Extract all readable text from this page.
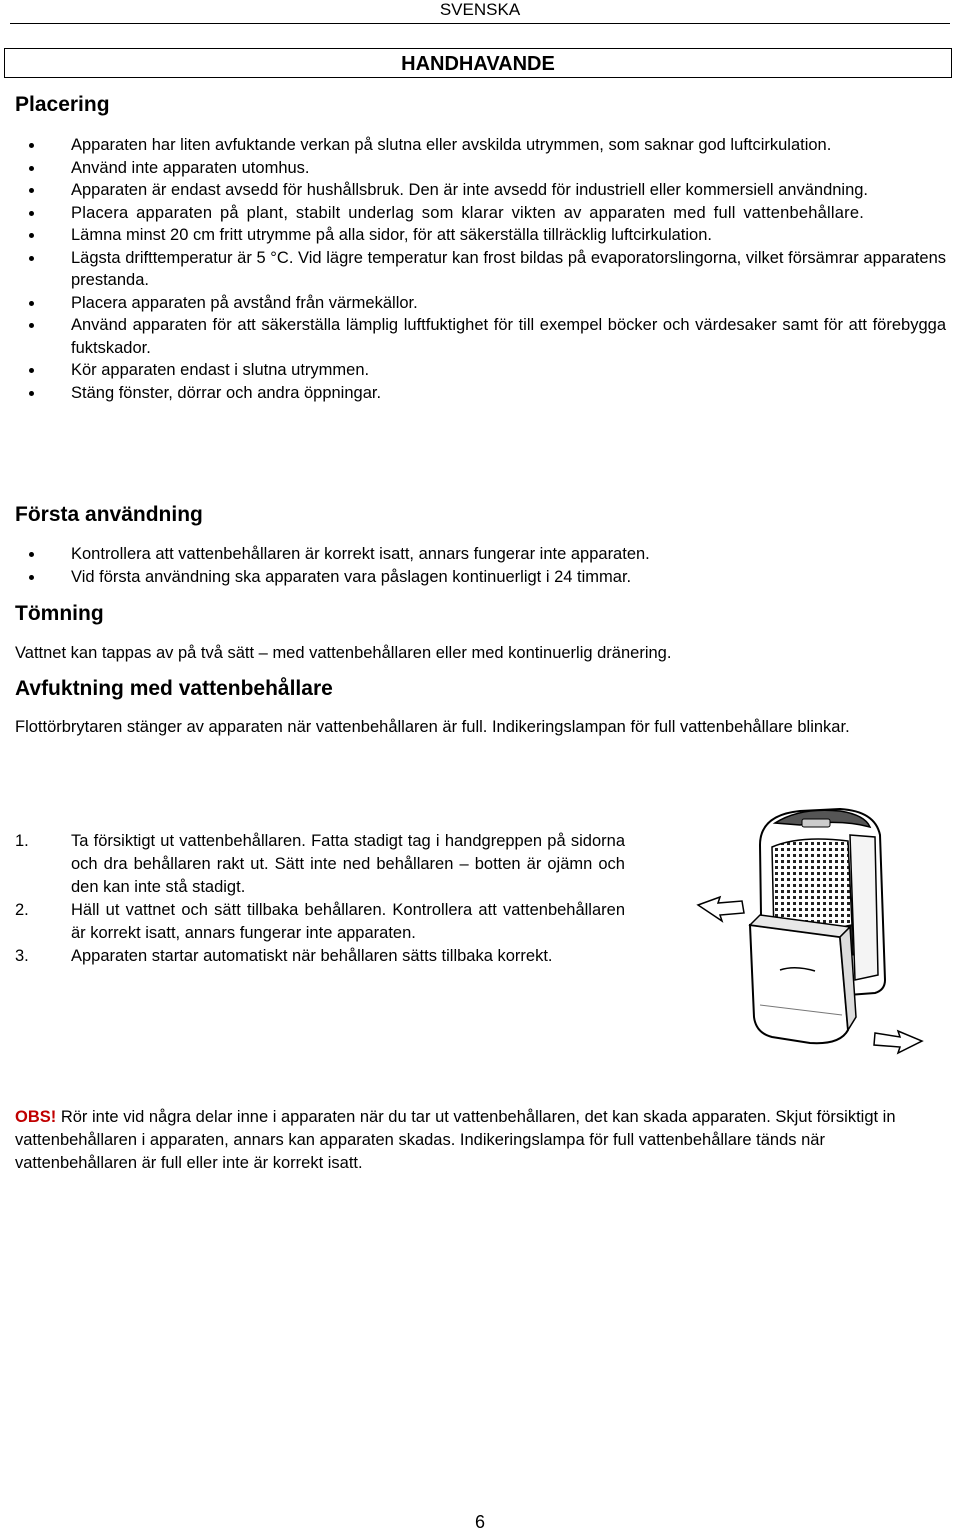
SVENSKA
HANDHAVANDE
Placering
Apparaten har liten avfuktande verkan på slutna eller avskilda utrymmen, som saknar god luftcirkulation.
Använd inte apparaten utomhus.
Apparaten är endast avsedd för hushållsbruk. Den är inte avsedd för industriell eller kommersiell användning.
Placera apparaten på plant, stabilt underlag som klarar vikten av apparaten med full vattenbehållare.
Lämna minst 20 cm fritt utrymme på alla sidor, för att säkerställa tillräcklig luftcirkulation.
Lägsta drifttemperatur är 5 °C. Vid lägre temperatur kan frost bildas på evaporatorslingorna, vilket försämrar apparatens prestanda.
Placera apparaten på avstånd från värmekällor.
Använd apparaten för att säkerställa lämplig luftfuktighet för till exempel böcker och värdesaker samt för att förebygga fuktskador.
Kör apparaten endast i slutna utrymmen.
Stäng fönster, dörrar och andra öppningar.
Första användning
Kontrollera att vattenbehållaren är korrekt isatt, annars fungerar inte apparaten.
Vid första användning ska apparaten vara påslagen kontinuerligt i 24 timmar.
Tömning
Vattnet kan tappas av på två sätt – med vattenbehållaren eller med kontinuerlig dränering.
Avfuktning med vattenbehållare
Flottörbrytaren stänger av apparaten när vattenbehållaren är full. Indikeringslampan för full vattenbehållare blinkar.
1.	Ta försiktigt ut vattenbehållaren. Fatta stadigt tag i handgreppen på sidorna och dra behållaren rakt ut. Sätt inte ned behållaren – botten är ojämn och den kan inte stå stadigt.
2.	Häll ut vattnet och sätt tillbaka behållaren. Kontrollera att vattenbehållaren är korrekt isatt, annars fungerar inte apparaten.
3.	Apparaten startar automatiskt när behållaren sätts tillbaka korrekt.
OBS! Rör inte vid några delar inne i apparaten när du tar ut vattenbehållaren, det kan skada apparaten. Skjut försiktigt in vattenbehållaren i apparaten, annars kan apparaten skadas. Indikeringslampa för full vattenbehållare tänds när vattenbehållaren är full eller inte är korrekt isatt.
6
